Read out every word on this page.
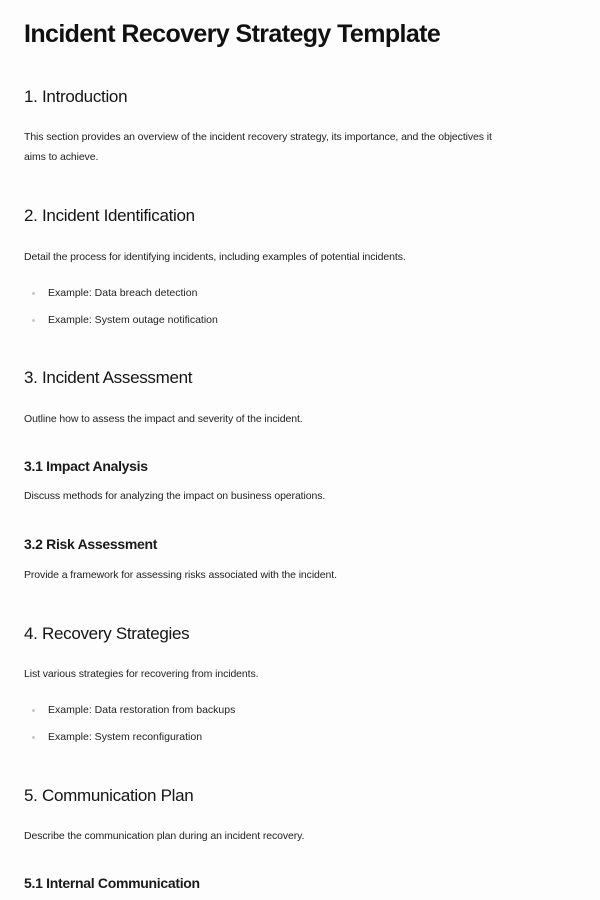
Incident Recovery Strategy Template
1. Introduction
This section provides an overview of the incident recovery strategy, its importance, and the objectives it
aims to achieve.
2. Incident Identification
Detail the process for identifying incidents, including examples of potential incidents.
Example: Data breach detection
Example: System outage notification
3. Incident Assessment
Outline how to assess the impact and severity of the incident.
3.1 Impact Analysis
Discuss methods for analyzing the impact on business operations.
3.2 Risk Assessment
Provide a framework for assessing risks associated with the incident.
4. Recovery Strategies
List various strategies for recovering from incidents.
Example: Data restoration from backups
Example: System reconfiguration
5. Communication Plan
Describe the communication plan during an incident recovery.
5.1 Internal Communication
